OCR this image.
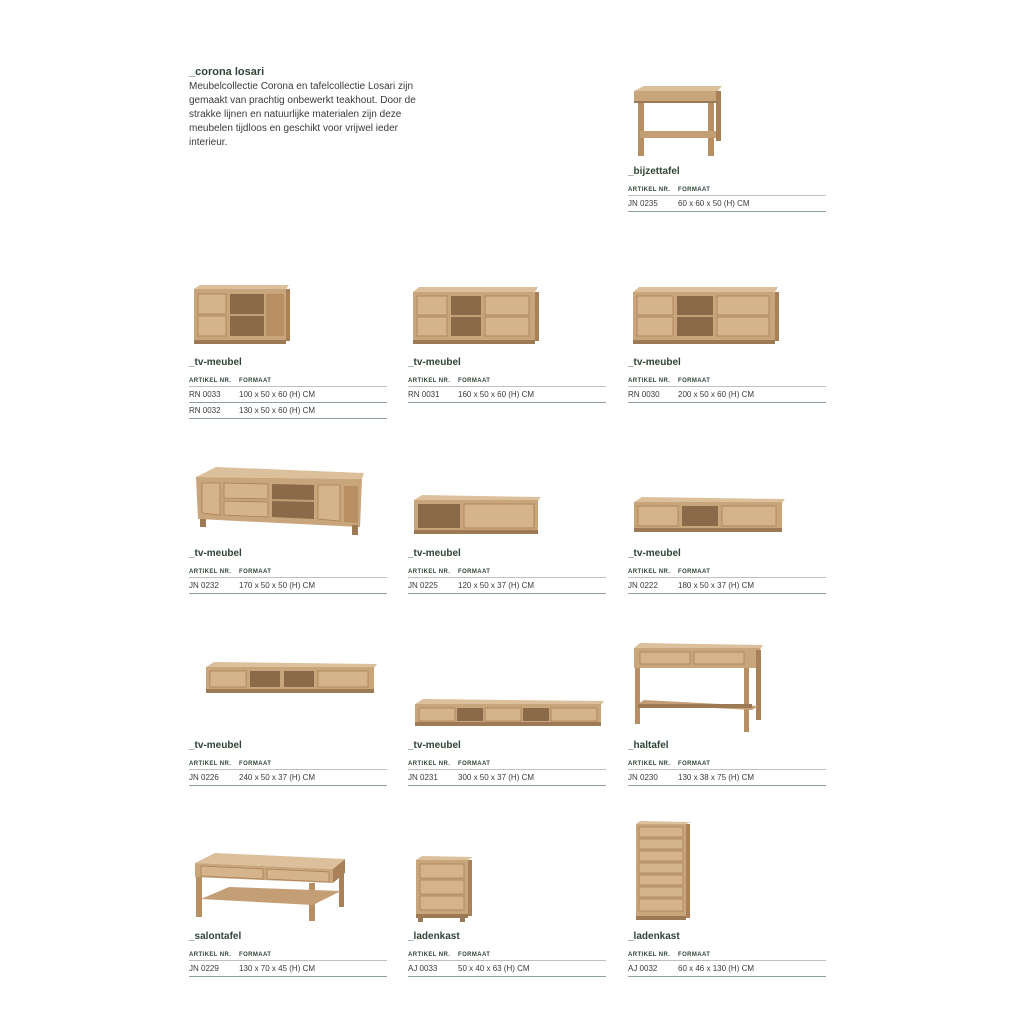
_corona losari
Meubelcollectie Corona en tafelcollectie Losari zijn gemaakt van prachtig onbewerkt teakhout. Door de strakke lijnen en natuurlijke materialen zijn deze meubelen tijdloos en geschikt voor vrijwel ieder interieur.
_bijzettafel
ARTIKEL NR. FORMAAT
JN 0235	60 x 60 x 50 (H) CM
_tv-meubel
ARTIKEL NR. FORMAAT
RN 0033 100 x 50 x 60 (H) CM
RN 0032 130 x 50 x 60 (H) CM
_tv-meubel
ARTIKEL NR. FORMAAT
RN 0031 160 x 50 x 60 (H) CM
_tv-meubel
ARTIKEL NR. FORMAAT
RN 0030 200 x 50 x 60 (H) CM
_tv-meubel
ARTIKEL NR. FORMAAT
JN 0232	170 x 50 x 50 (H) CM
_tv-meubel
ARTIKEL NR. FORMAAT
JN 0225	120 x 50 x 37 (H) CM
_tv-meubel
ARTIKEL NR. FORMAAT
JN 0222	180 x 50 x 37 (H) CM
_tv-meubel
ARTIKEL NR. FORMAAT
JN 0226	240 x 50 x 37 (H) CM
_tv-meubel
ARTIKEL NR. FORMAAT
JN 0231	300 x 50 x 37 (H) CM
_haltafel
ARTIKEL NR. FORMAAT
JN 0230	130 x 38 x 75 (H) CM
_salontafel
ARTIKEL NR. FORMAAT
JN 0229	130 x 70 x 45 (H) CM
_ladenkast
ARTIKEL NR. FORMAAT
AJ 0033	50 x 40 x 63 (H) CM
_ladenkast
ARTIKEL NR. FORMAAT
AJ 0032	60 x 46 x 130 (H) CM
